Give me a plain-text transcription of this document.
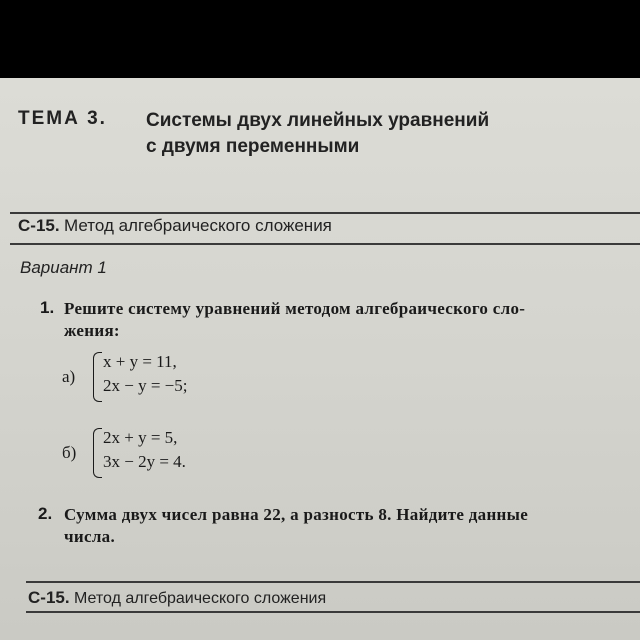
ТЕМА 3. Системы двух линейных уравнений
с двумя переменными
С-15. Метод алгебраического сложения
Вариант 1
1. Решите систему уравнений методом алгебраического сло-
жения:
а)
x + y = 11,
2x − y = −5;
б)
2x + y = 5,
3x − 2y = 4.
2. Сумма двух чисел равна 22, а разность 8. Найдите данные
числа.
С-15. Метод алгебраического сложения
